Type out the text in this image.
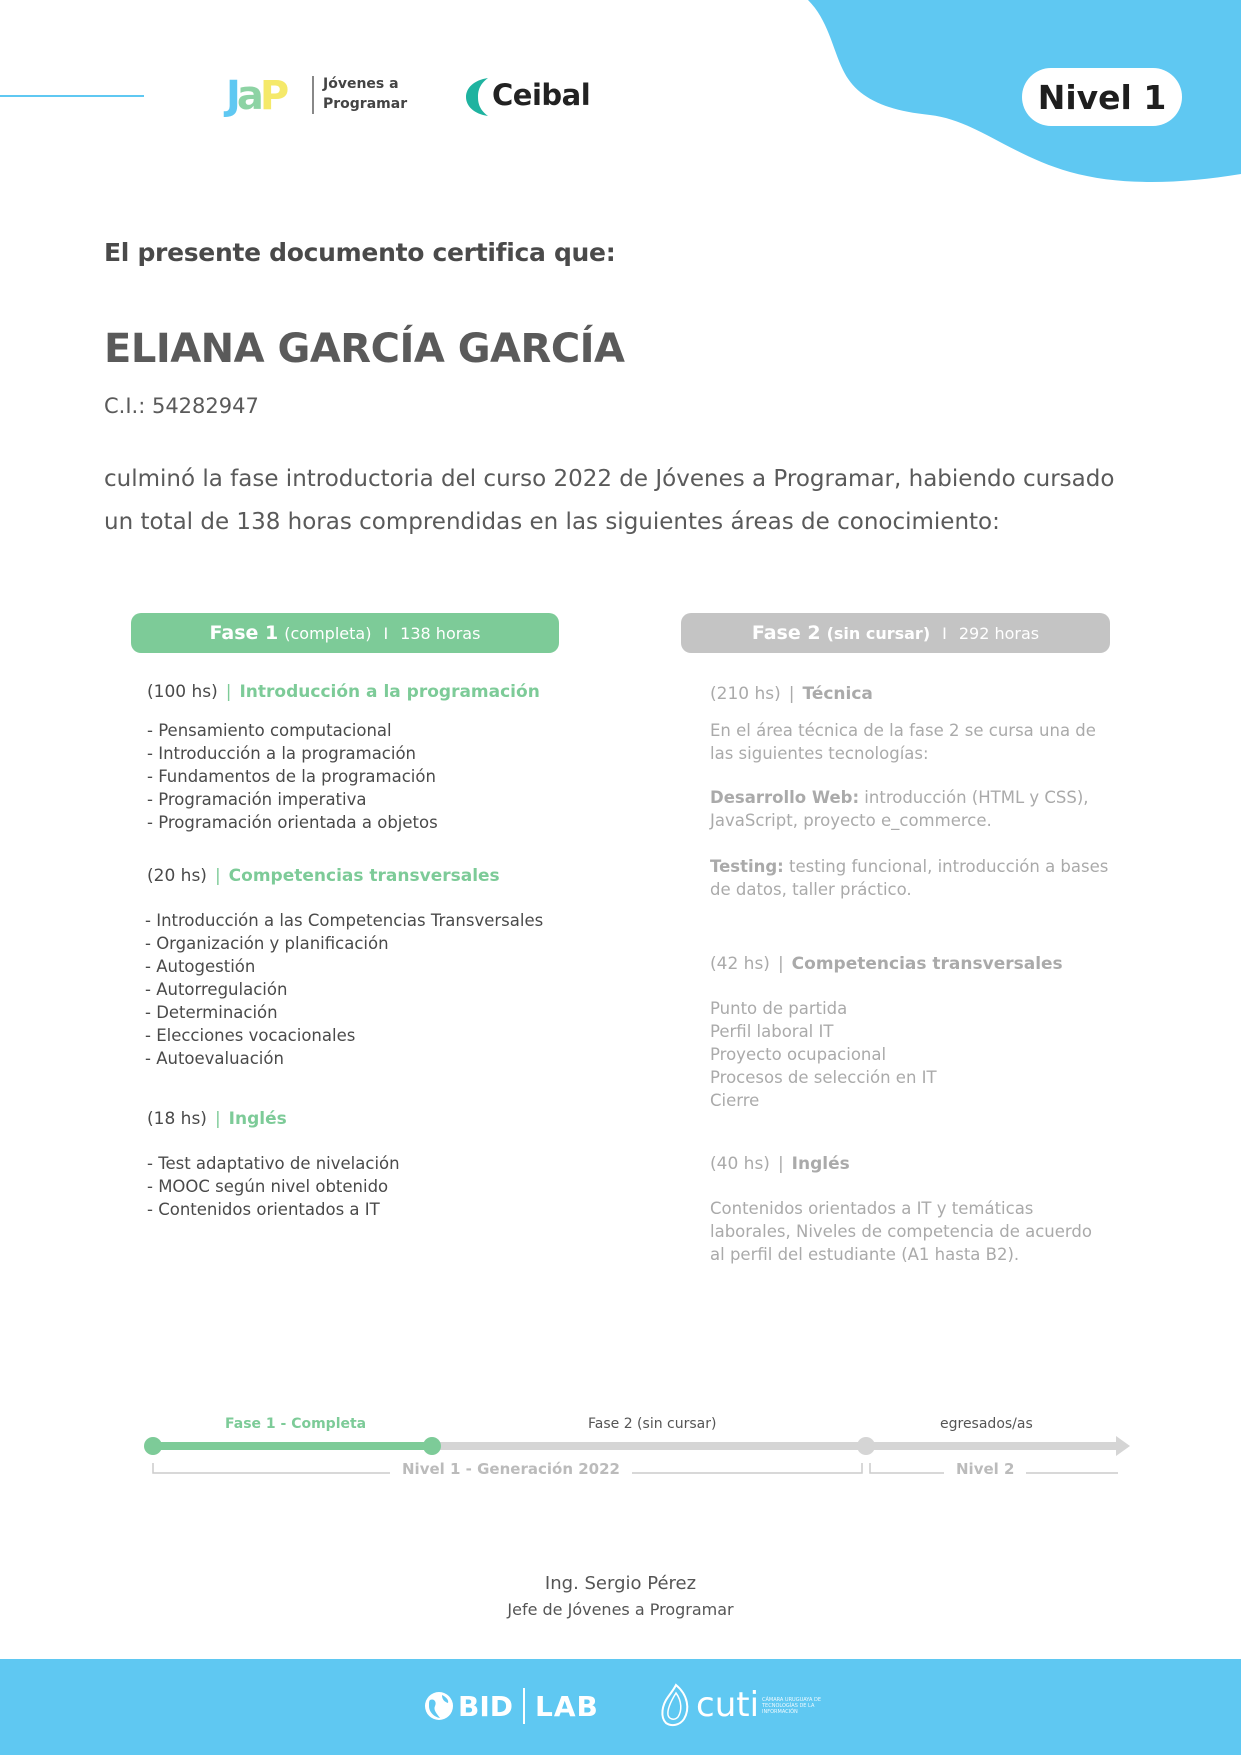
JaP	Jóvenes a Programar	Ceibal	Nivel 1
El presente documento certifica que:
ELIANA GARCÍA GARCÍA
C.I.: 54282947
culminó la fase introductoria del curso 2022 de Jóvenes a Programar, habiendo cursado un total de 138 horas comprendidas en las siguientes áreas de conocimiento:
Fase 1 (completa) I 138 horas	Fase 2 (sin cursar) I 292 horas
(100 hs) | Introducción a la programación
- Pensamiento computacional
- Introducción a la programación
- Fundamentos de la programación
- Programación imperativa
- Programación orientada a objetos
(20 hs) | Competencias transversales
- Introducción a las Competencias Transversales
- Organización y planificación
- Autogestión
- Autorregulación
- Determinación
- Elecciones vocacionales
- Autoevaluación
(18 hs) | Inglés
- Test adaptativo de nivelación
- MOOC según nivel obtenido
- Contenidos orientados a IT
(210 hs) | Técnica

En el área técnica de la fase 2 se cursa una de las siguientes tecnologías:

Desarrollo Web: introducción (HTML y CSS), JavaScript, proyecto e_commerce.

Testing: testing funcional, introducción a bases de datos, taller práctico.

(42 hs) | Competencias transversales
Punto de partida
Perfil laboral IT
Proyecto ocupacional
Procesos de selección en IT
Cierre
(40 hs) | Inglés

Contenidos orientados a IT y temáticas laborales, Niveles de competencia de acuerdo al perfil del estudiante (A1 hasta B2).

Fase 1 - Completa	Fase 2 (sin cursar)	egresados/as
Nivel 1 - Generación 2022	Nivel 2
Ing. Sergio Pérez
Jefe de Jóvenes a Programar
BID LAB	cuti CÁMARA URUGUAYA DE TECNOLOGÍAS DE LA INFORMACIÓN
